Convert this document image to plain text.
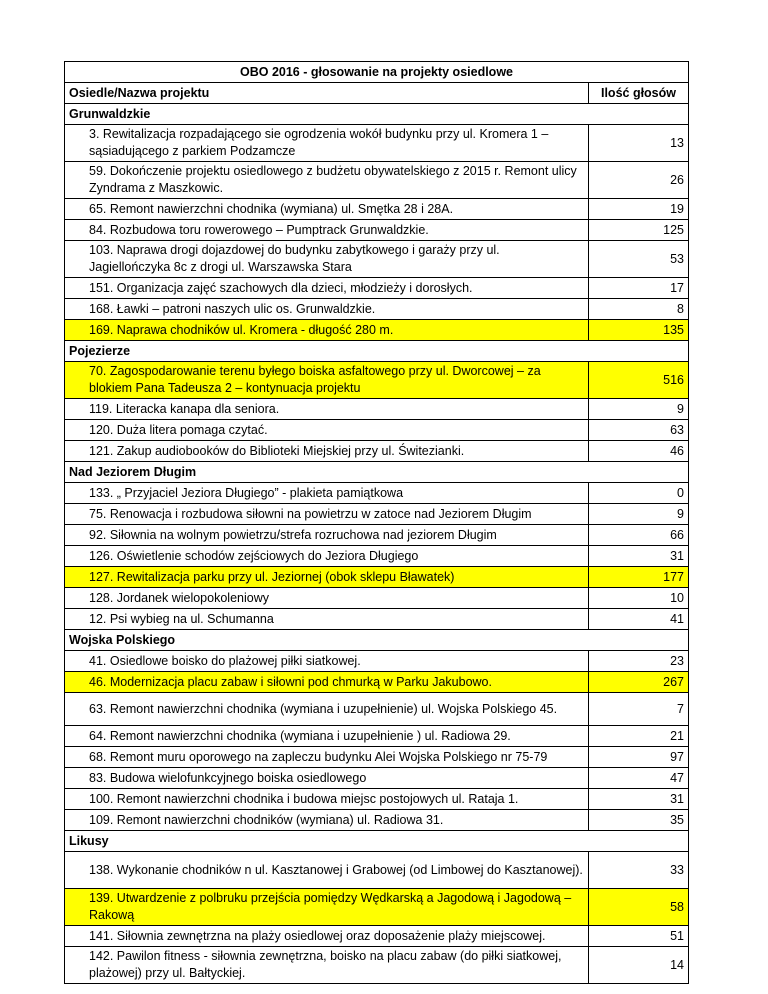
OBO 2016 - głosowanie na projekty osiedlowe	
Osiedle/Nazwa projektu	Ilość głosów
Grunwaldzkie	
3. Rewitalizacja rozpadającego sie ogrodzenia wokół budynku przy ul. Kromera 1 – sąsiadującego z parkiem Podzamcze	13
59. Dokończenie projektu osiedlowego z budżetu obywatelskiego z 2015 r. Remont ulicy Zyndrama z Maszkowic.	26
65. Remont nawierzchni chodnika (wymiana) ul. Smętka 28 i 28A.	19
84. Rozbudowa toru rowerowego – Pumptrack Grunwaldzkie.	125
103. Naprawa drogi dojazdowej do budynku zabytkowego i garaży przy ul. Jagiellończyka 8c z drogi ul. Warszawska Stara	53
151. Organizacja zajęć szachowych dla dzieci, młodzieży i dorosłych.	17
168. Ławki – patroni naszych ulic os. Grunwaldzkie.	8
169. Naprawa chodników ul. Kromera - długość 280 m.	135
Pojezierze	
70. Zagospodarowanie terenu byłego boiska asfaltowego przy ul. Dworcowej – za blokiem Pana Tadeusza 2 – kontynuacja projektu	516
119. Literacka kanapa dla seniora.	9
120. Duża litera pomaga czytać.	63
121. Zakup audiobooków do Biblioteki Miejskiej przy ul. Świtezianki.	46
Nad Jeziorem Długim	
133. „ Przyjaciel Jeziora Długiego” - plakieta pamiątkowa	0
75. Renowacja i rozbudowa siłowni na powietrzu w zatoce nad Jeziorem Długim	9
92. Siłownia na wolnym powietrzu/strefa rozruchowa nad jeziorem Długim	66
126. Oświetlenie schodów zejściowych do Jeziora Długiego	31
127. Rewitalizacja parku przy ul. Jeziornej (obok sklepu Bławatek)	177
128. Jordanek wielopokoleniowy	10
12. Psi wybieg na ul. Schumanna	41
Wojska Polskiego	
41. Osiedlowe boisko do plażowej piłki siatkowej.	23
46. Modernizacja placu zabaw i siłowni pod chmurką w Parku Jakubowo.	267
63. Remont nawierzchni chodnika (wymiana i uzupełnienie) ul. Wojska Polskiego 45.	7
64. Remont nawierzchni chodnika (wymiana i uzupełnienie ) ul. Radiowa 29.	21
68. Remont muru oporowego na zapleczu budynku Alei Wojska Polskiego nr 75-79	97
83. Budowa wielofunkcyjnego boiska osiedlowego	47
100. Remont nawierzchni chodnika i budowa miejsc postojowych ul. Rataja 1.	31
109. Remont nawierzchni chodników (wymiana) ul. Radiowa 31.	35
Likusy	
138. Wykonanie chodników n ul. Kasztanowej i Grabowej (od Limbowej do Kasztanowej).	33
139. Utwardzenie z polbruku przejścia pomiędzy Wędkarską a Jagodową i Jagodową – Rakową	58
141. Siłownia zewnętrzna na plaży osiedlowej oraz doposażenie plaży miejscowej.	51
142. Pawilon fitness - siłownia zewnętrzna, boisko na placu zabaw (do piłki siatkowej, plażowej) przy ul. Bałtyckiej.	14
